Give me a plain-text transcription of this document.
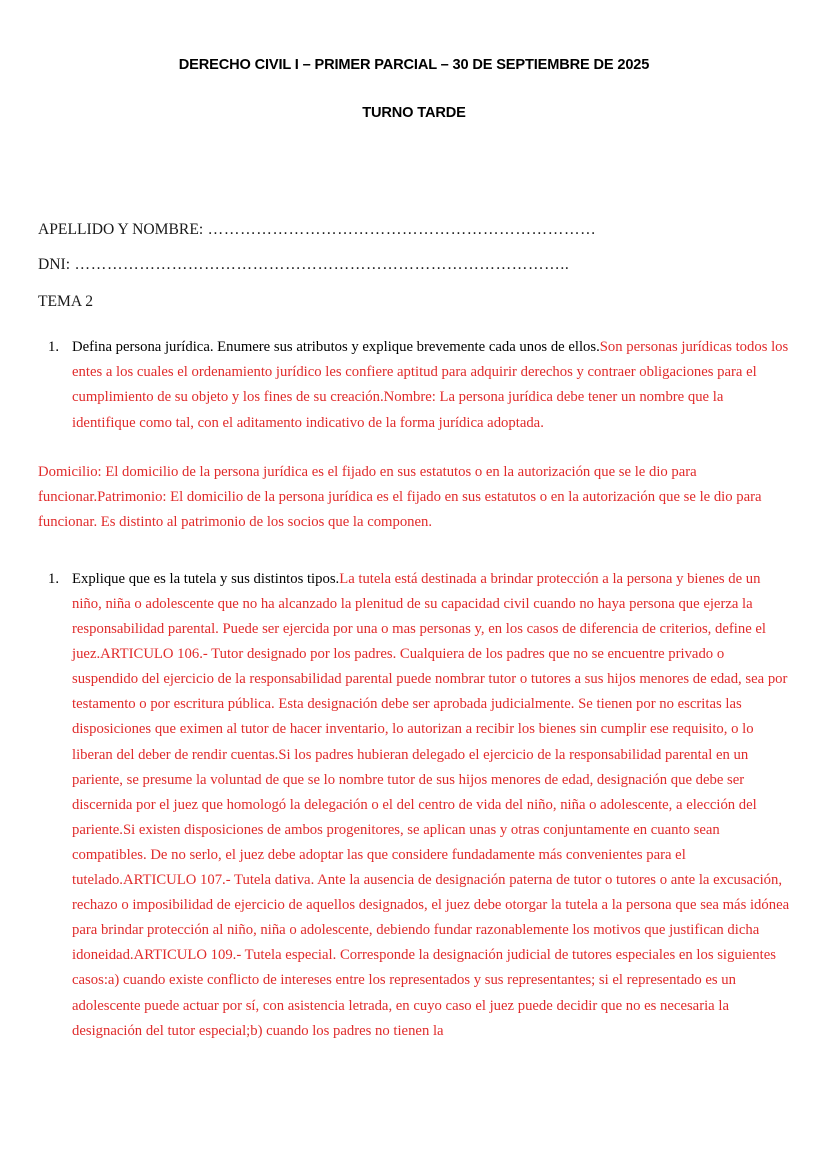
DERECHO CIVIL I – PRIMER PARCIAL – 30 DE SEPTIEMBRE DE 2025
TURNO TARDE
APELLIDO Y NOMBRE: ………………………………………………………………
DNI: ………………………………………………………………………………..
TEMA 2
1. Defina persona jurídica. Enumere sus atributos y explique brevemente cada unos de ellos.Son personas jurídicas todos los entes a los cuales el ordenamiento jurídico les confiere aptitud para adquirir derechos y contraer obligaciones para el cumplimiento de su objeto y los fines de su creación.Nombre: La persona jurídica debe tener un nombre que la identifique como tal, con el aditamento indicativo de la forma jurídica adoptada.
Domicilio: El domicilio de la persona jurídica es el fijado en sus estatutos o en la autorización que se le dio para funcionar.Patrimonio: El domicilio de la persona jurídica es el fijado en sus estatutos o en la autorización que se le dio para funcionar. Es distinto al patrimonio de los socios que la componen.
1. Explique que es la tutela y sus distintos tipos.La tutela está destinada a brindar protección a la persona y bienes de un niño, niña o adolescente que no ha alcanzado la plenitud de su capacidad civil cuando no haya persona que ejerza la responsabilidad parental. Puede ser ejercida por una o mas personas y, en los casos de diferencia de criterios, define el juez.ARTICULO 106.- Tutor designado por los padres. Cualquiera de los padres que no se encuentre privado o suspendido del ejercicio de la responsabilidad parental puede nombrar tutor o tutores a sus hijos menores de edad, sea por testamento o por escritura pública. Esta designación debe ser aprobada judicialmente. Se tienen por no escritas las disposiciones que eximen al tutor de hacer inventario, lo autorizan a recibir los bienes sin cumplir ese requisito, o lo liberan del deber de rendir cuentas.Si los padres hubieran delegado el ejercicio de la responsabilidad parental en un pariente, se presume la voluntad de que se lo nombre tutor de sus hijos menores de edad, designación que debe ser discernida por el juez que homologó la delegación o el del centro de vida del niño, niña o adolescente, a elección del pariente.Si existen disposiciones de ambos progenitores, se aplican unas y otras conjuntamente en cuanto sean compatibles. De no serlo, el juez debe adoptar las que considere fundadamente más convenientes para el tutelado.ARTICULO 107.- Tutela dativa. Ante la ausencia de designación paterna de tutor o tutores o ante la excusación, rechazo o imposibilidad de ejercicio de aquellos designados, el juez debe otorgar la tutela a la persona que sea más idónea para brindar protección al niño, niña o adolescente, debiendo fundar razonablemente los motivos que justifican dicha idoneidad.ARTICULO 109.- Tutela especial. Corresponde la designación judicial de tutores especiales en los siguientes casos:a) cuando existe conflicto de intereses entre los representados y sus representantes; si el representado es un adolescente puede actuar por sí, con asistencia letrada, en cuyo caso el juez puede decidir que no es necesaria la designación del tutor especial;b) cuando los padres no tienen la
